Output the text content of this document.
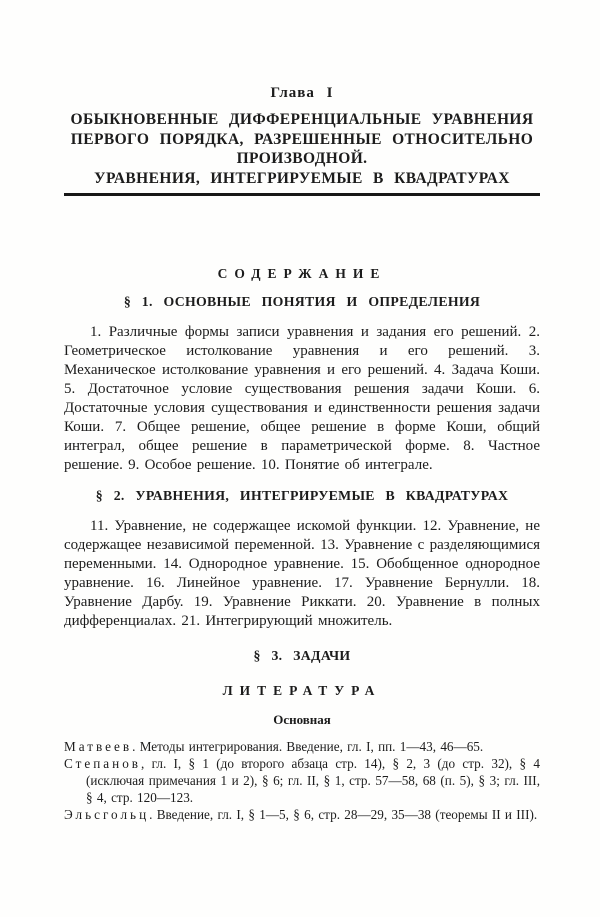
Глава I
ОБЫКНОВЕННЫЕ ДИФФЕРЕНЦИАЛЬНЫЕ УРАВНЕНИЯ
ПЕРВОГО ПОРЯДКА, РАЗРЕШЕННЫЕ ОТНОСИТЕЛЬНО
ПРОИЗВОДНОЙ.
УРАВНЕНИЯ, ИНТЕГРИРУЕМЫЕ В КВАДРАТУРАХ
СОДЕРЖАНИЕ
§ 1. ОСНОВНЫЕ ПОНЯТИЯ И ОПРЕДЕЛЕНИЯ

1. Различные формы записи уравнения и задания его решений. 2. Геометрическое истолкование уравнения и его решений. 3. Механическое истолкование уравнения и его решений. 4. Задача Коши. 5. Достаточное условие существования решения задачи Коши. 6. Достаточные условия существования и единственности решения задачи Коши. 7. Общее решение, общее решение в форме Коши, общий интеграл, общее решение в параметрической форме. 8. Частное решение. 9. Особое решение. 10. Понятие об интеграле.

§ 2. УРАВНЕНИЯ, ИНТЕГРИРУЕМЫЕ В КВАДРАТУРАХ

11. Уравнение, не содержащее искомой функции. 12. Уравнение, не содержащее независимой переменной. 13. Уравнение с разделяющимися переменными. 14. Однородное уравнение. 15. Обобщенное однородное уравнение. 16. Линейное уравнение. 17. Уравнение Бернулли. 18. Уравнение Дарбу. 19. Уравнение Риккати. 20. Уравнение в полных дифференциалах. 21. Интегрирующий множитель.

§ 3. ЗАДАЧИ
ЛИТЕРАТУРА
Основная

Матвеев. Методы интегрирования. Введение, гл. I, пп. 1—43, 46—65.

Степанов, гл. I, § 1 (до второго абзаца стр. 14), § 2, 3 (до стр. 32), § 4 (исключая примечания 1 и 2), § 6; гл. II, § 1, стр. 57—58, 68 (п. 5), § 3; гл. III, § 4, стр. 120—123.

Эльсгольц. Введение, гл. I, § 1—5, § 6, стр. 28—29, 35—38 (теоремы II и III).
